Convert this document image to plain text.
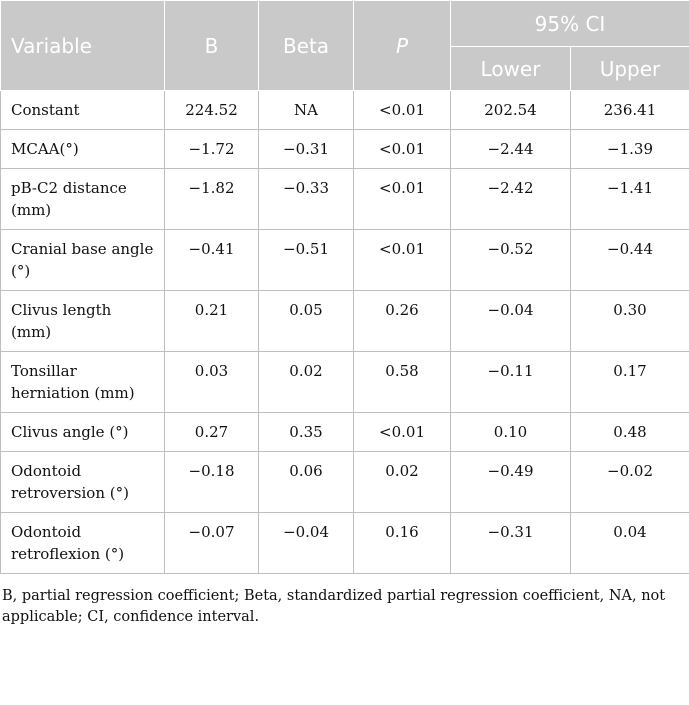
Variable	B	Beta	P	95% CI	
				Lower	Upper
Constant	224.52	NA	<0.01	202.54	236.41
MCAA(°)	−1.72	−0.31	<0.01	−2.44	−1.39
pB-C2 distance (mm)	−1.82	−0.33	<0.01	−2.42	−1.41
Cranial base angle (°)	−0.41	−0.51	<0.01	−0.52	−0.44
Clivus length (mm)	0.21	0.05	0.26	−0.04	0.30
Tonsillar herniation (mm)	0.03	0.02	0.58	−0.11	0.17
Clivus angle (°)	0.27	0.35	<0.01	0.10	0.48
Odontoid retroversion (°)	−0.18	0.06	0.02	−0.49	−0.02
Odontoid retroflexion (°)	−0.07	−0.04	0.16	−0.31	0.04
B, partial regression coefficient; Beta, standardized partial regression coefficient, NA, not applicable; CI, confidence interval.
